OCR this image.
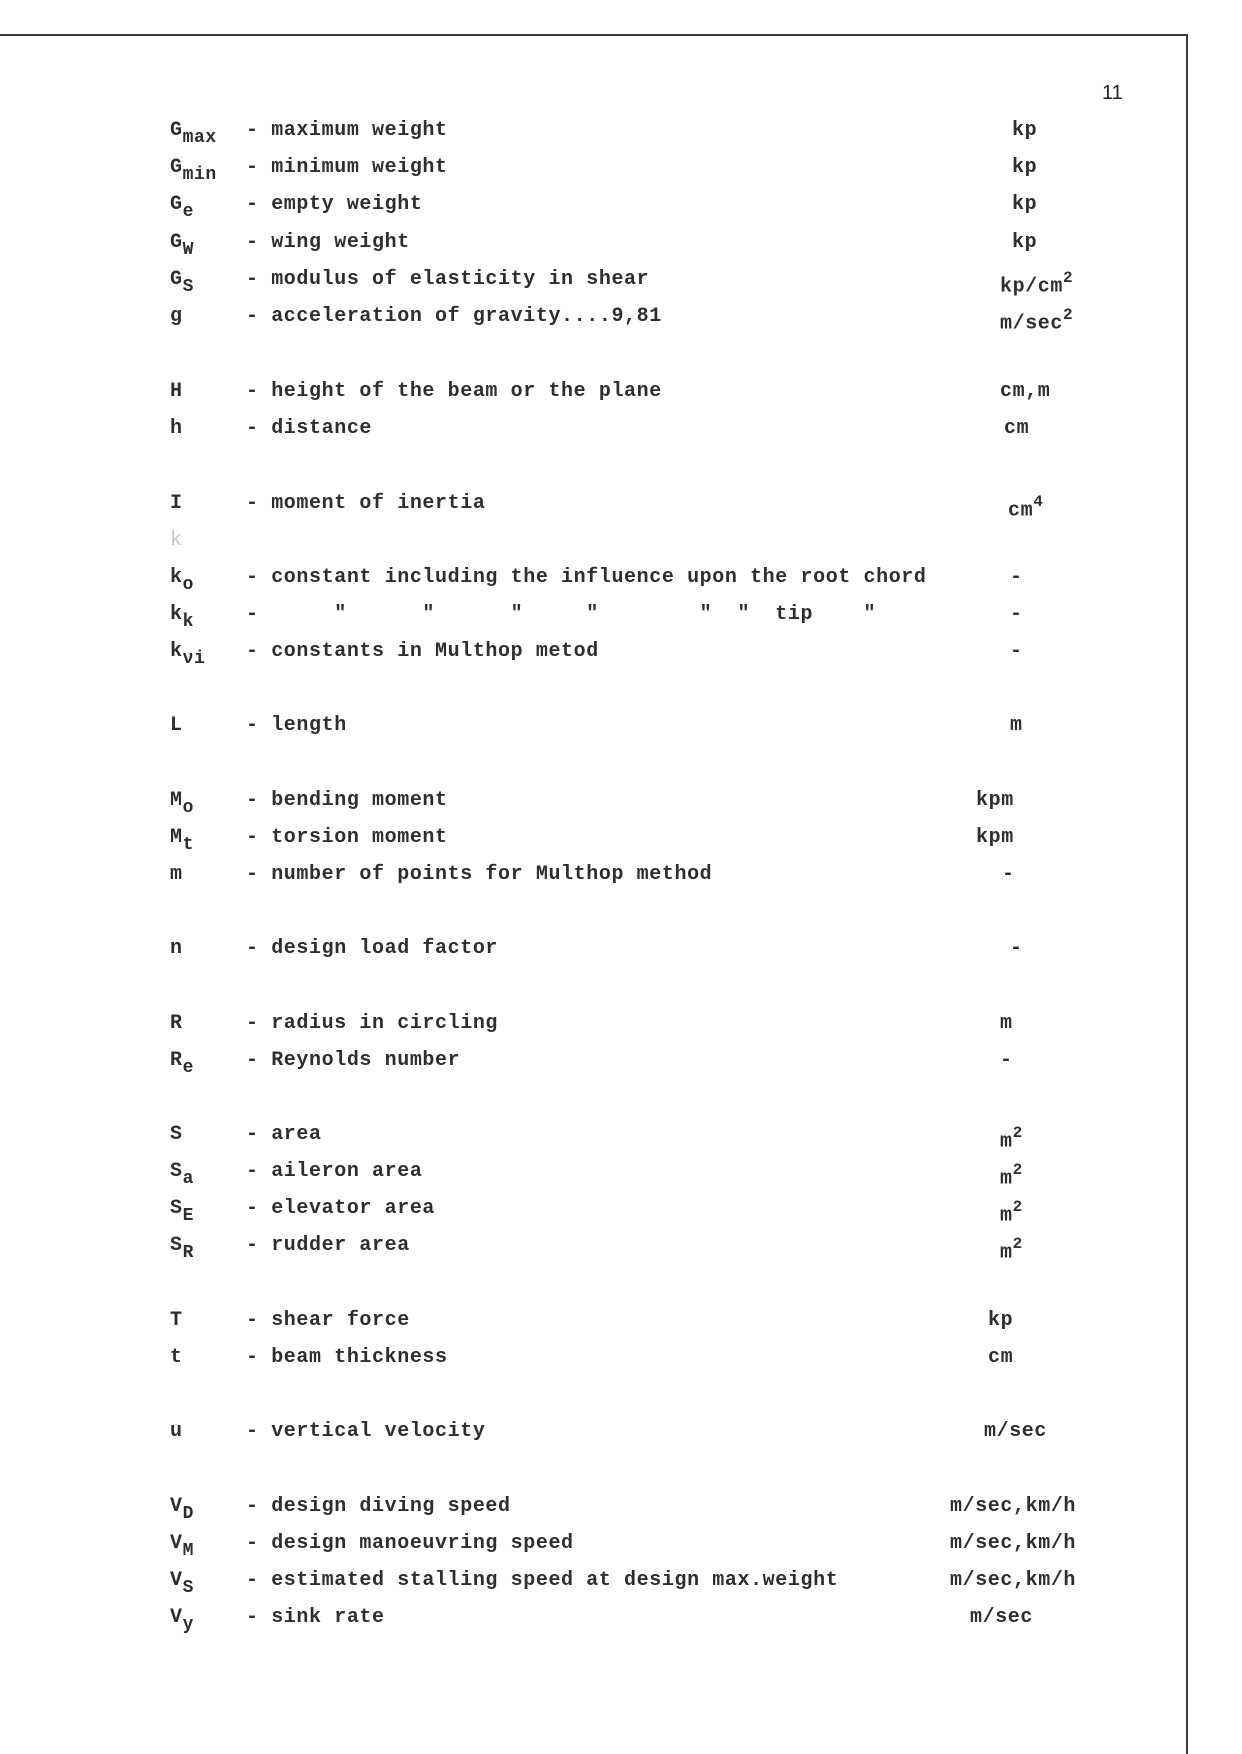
11
$G_{max}$ - maximum weight	kp
$G_{min}$ - minimum weight	kp
$G_e$	- empty weight	kp
$G_W$	- wing weight	kp
$G_S$	- modulus of elasticity in shear	$kp/cm^2$
g	- acceleration of gravity....9,81	$m/\sec^2$
H	- height of the beam or the plane	cm,m
h	- distance	cm
I	- moment of inertia	$cm^4$
k
$k_o$	- constant including the influence upon the root chord	-
$k_k$	-      "      "      "     "        "  "  tip    "	-
$k_{\nu i}$ - constants in Multhop metod	-
L	- length	m
$M_o$	- bending moment	kpm
$M_t$	- torsion moment	kpm
m	- number of points for Multhop method	-
n	- design load factor	-
R	- radius in circling	m
$R_e$	- Reynolds number	-
S	- area	$m^2$
$S_a$	- aileron area	$m^2$
$S_E$	- elevator area	$m^2$
$S_R$	- rudder area	$m^2$
T	- shear force	kp
t	- beam thickness	cm
u	- vertical velocity	m/sec
$V_D$	- design diving speed	m/sec,km/h
$V_M$	- design manoeuvring speed	m/sec,km/h
$V_S$	- estimated stalling speed at design max.weight	m/sec,km/h
$V_y$	- sink rate	m/sec
